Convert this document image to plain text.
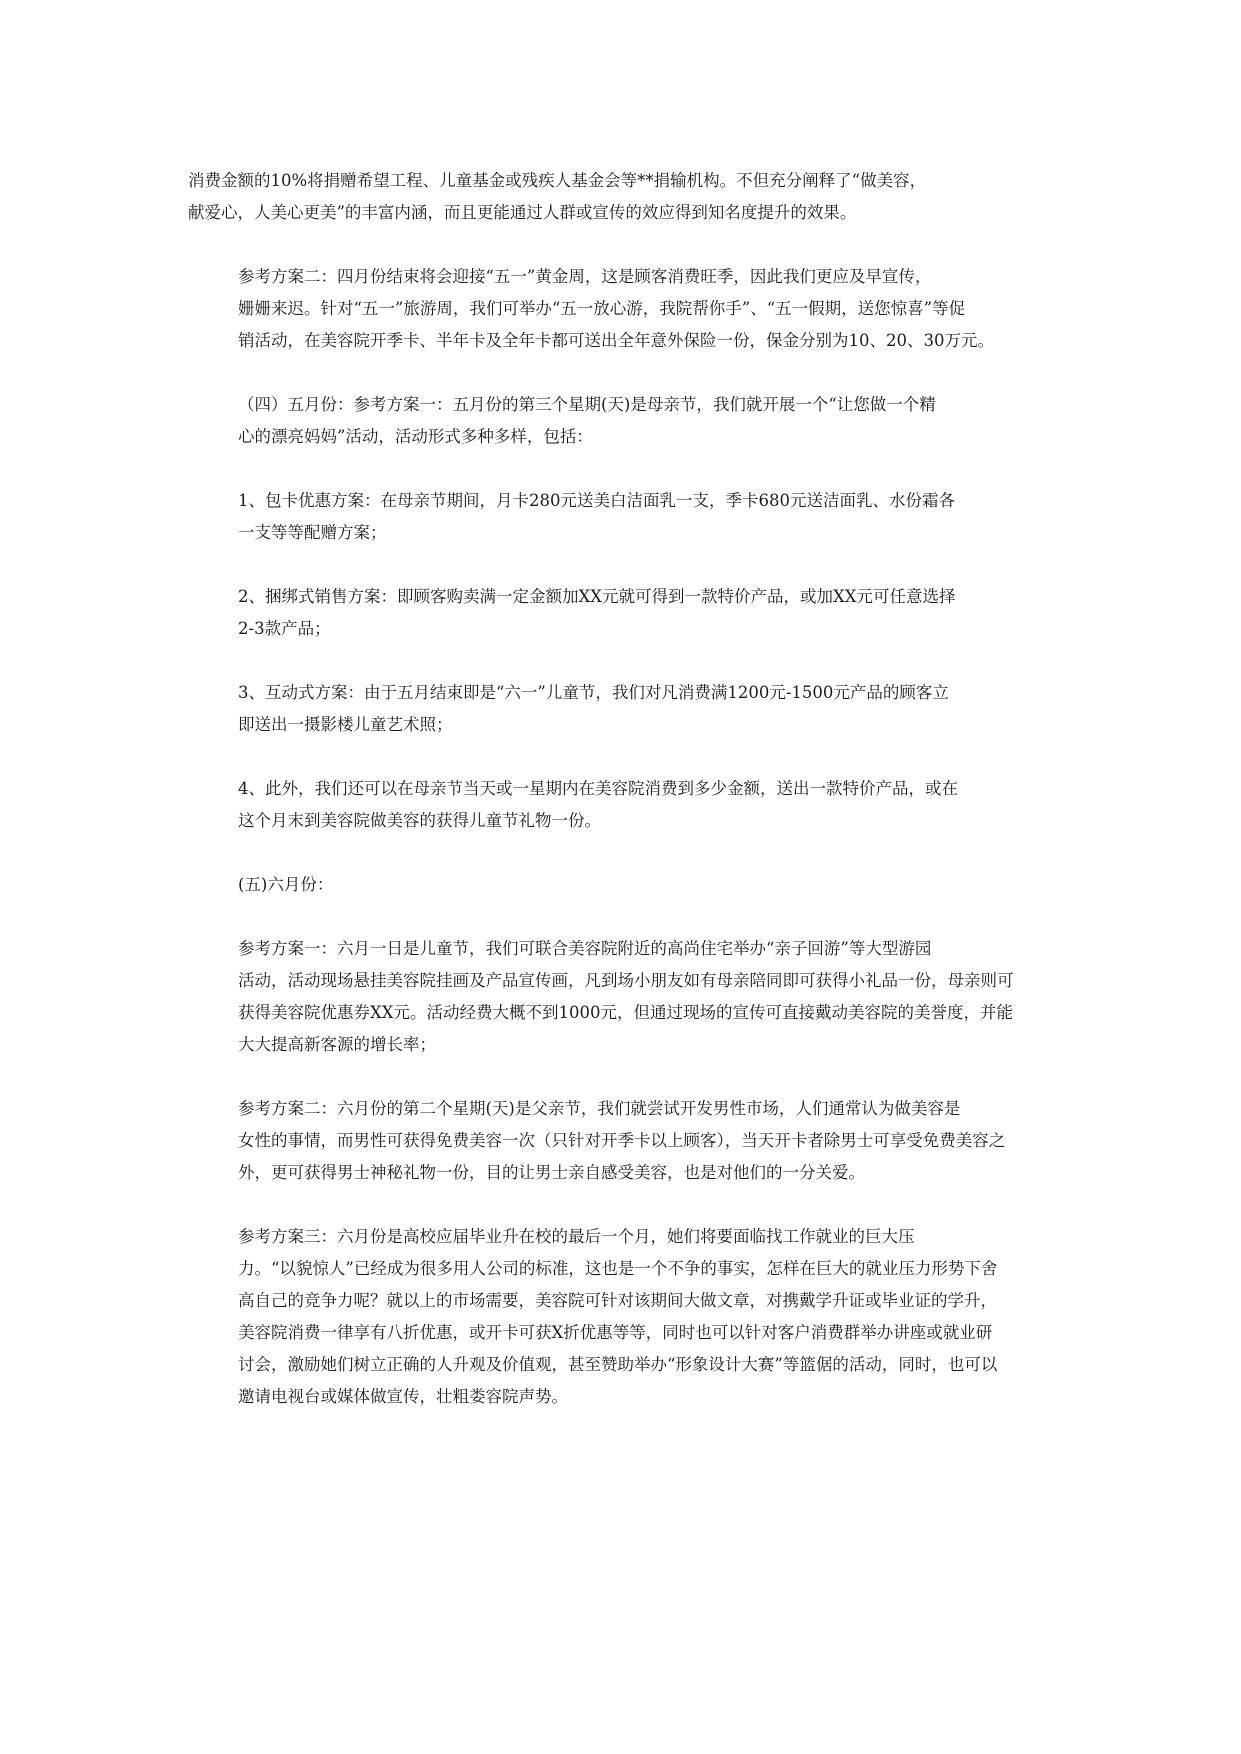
消费金额的10%将捐赠希望工程、儿童基金或残疾人基金会等**捐输机构。不但充分阐释了“做美容，
献爱心，人美心更美”的丰富内涵，而且更能通过人群或宣传的效应得到知名度提升的效果。

参考方案二：四月份结束将会迎接“五一”黄金周，这是顾客消费旺季，因此我们更应及早宣传，
姗姗来迟。针对“五一”旅游周，我们可举办“五一放心游，我院帮你手”、“五一假期，送您惊喜”等促
销活动，在美容院开季卡、半年卡及全年卡都可送出全年意外保险一份，保金分别为10、20、30万元。

（四）五月份：参考方案一：五月份的第三个星期(天)是母亲节，我们就开展一个“让您做一个精
心的漂亮妈妈”活动，活动形式多种多样，包括：

1、包卡优惠方案：在母亲节期间，月卡280元送美白洁面乳一支，季卡680元送洁面乳、水份霜各
一支等等配赠方案；

2、捆绑式销售方案：即顾客购卖满一定金额加XX元就可得到一款特价产品，或加XX元可任意选择
2-3款产品；

3、互动式方案：由于五月结束即是“六一”儿童节，我们对凡消费满1200元-1500元产品的顾客立
即送出一摄影楼儿童艺术照；

4、此外，我们还可以在母亲节当天或一星期内在美容院消费到多少金额，送出一款特价产品，或在
这个月末到美容院做美容的获得儿童节礼物一份。

(五)六月份：

参考方案一：六月一日是儿童节，我们可联合美容院附近的高尚住宅举办“亲子回游”等大型游园
活动，活动现场悬挂美容院挂画及产品宣传画，凡到场小朋友如有母亲陪同即可获得小礼品一份，母亲则可
获得美容院优惠券XX元。活动经费大概不到1000元，但通过现场的宣传可直接戴动美容院的美誉度，并能
大大提高新客源的增长率；

参考方案二：六月份的第二个星期(天)是父亲节，我们就尝试开发男性市场，人们通常认为做美容是
女性的事情，而男性可获得免费美容一次（只针对开季卡以上顾客），当天开卡者除男士可享受免费美容之
外，更可获得男士神秘礼物一份，目的让男士亲自感受美容，也是对他们的一分关爱。

参考方案三：六月份是高校应届毕业升在校的最后一个月，她们将要面临找工作就业的巨大压
力。“以貌惊人”已经成为很多用人公司的标准，这也是一个不争的事实，怎样在巨大的就业压力形势下舍
高自己的竞争力呢？就以上的市场需要，美容院可针对该期间大做文章，对携戴学升证或毕业证的学升，
美容院消费一律享有八折优惠，或开卡可获X折优惠等等，同时也可以针对客户消费群举办讲座或就业研
讨会，激励她们树立正确的人升观及价值观，甚至赞助举办“形象设计大赛”等篮倨的活动，同时，也可以
邀请电视台或媒体做宣传，壮粗娄容院声势。
